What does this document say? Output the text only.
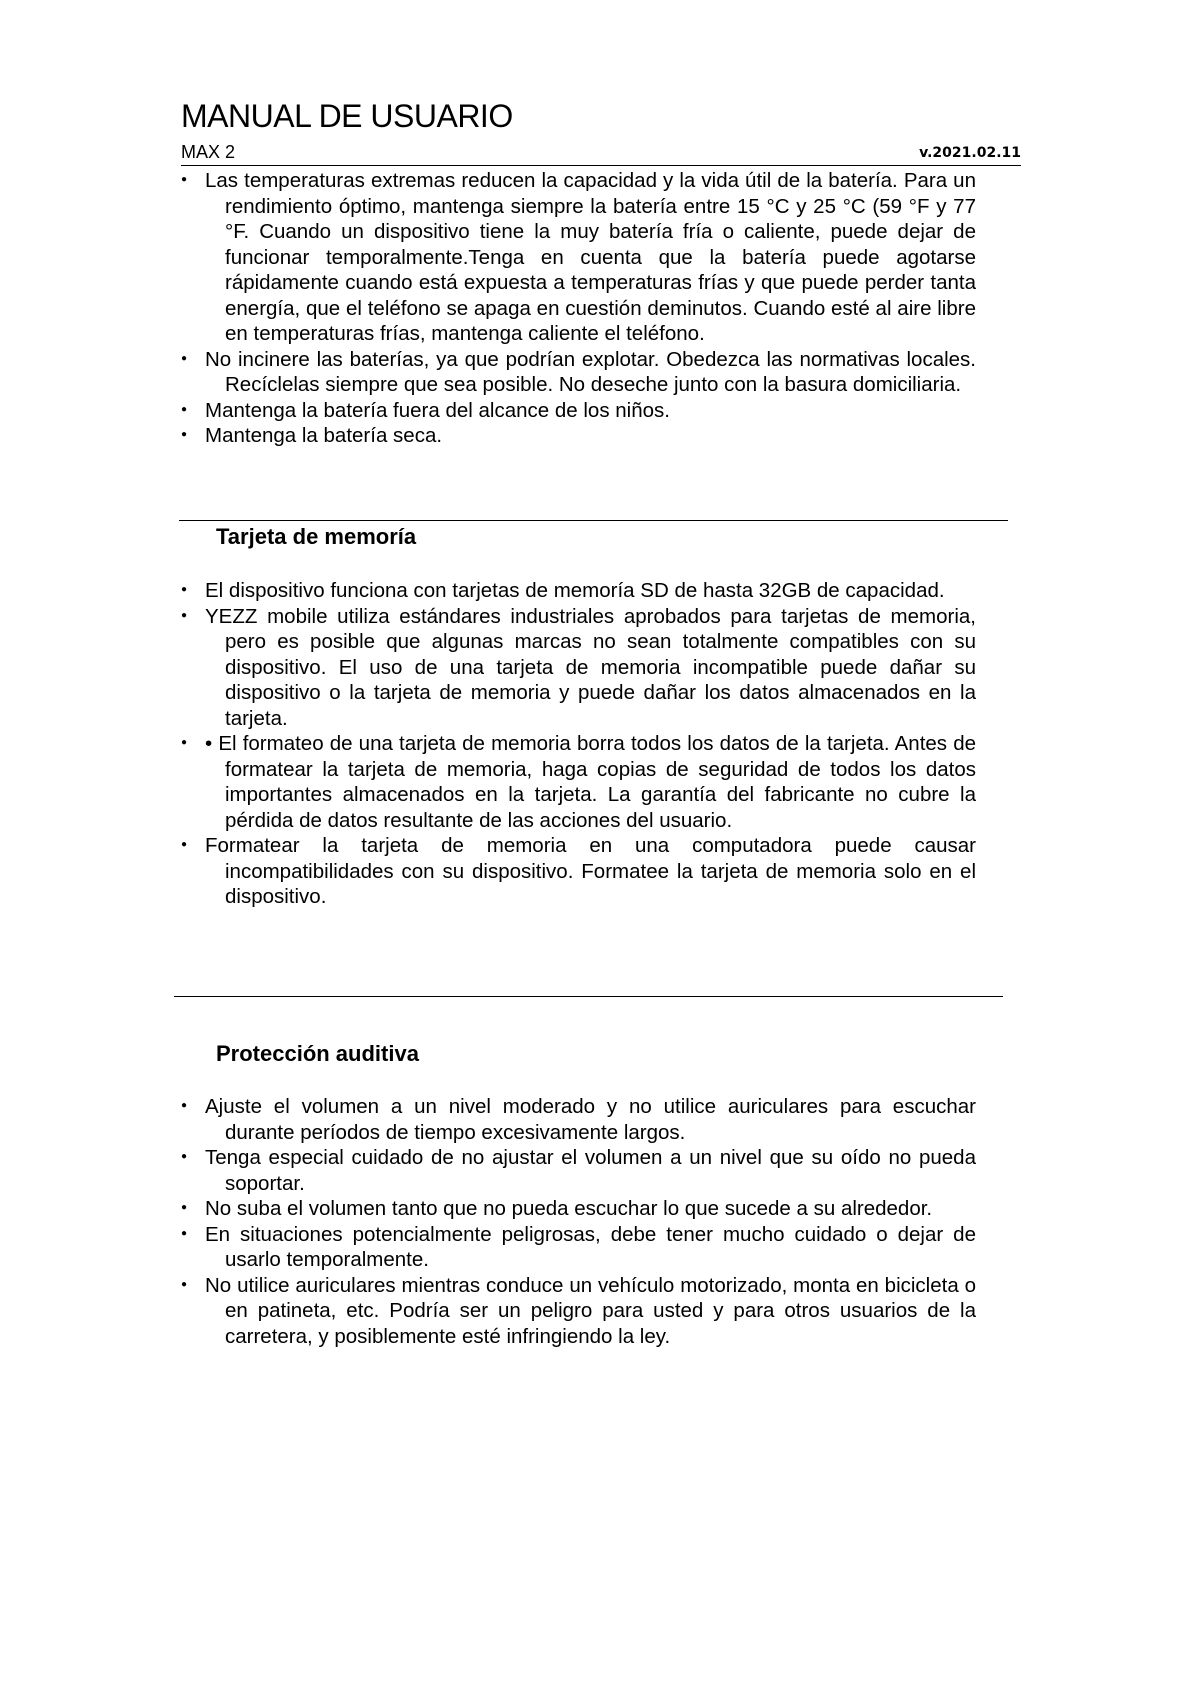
MANUAL DE USUARIO
MAX 2	v.2021.02.11
●
Las temperaturas extremas reducen la capacidad y la vida útil de la batería. Para un rendimiento óptimo, mantenga siempre la batería entre 15 °C y 25 °C (59 °F y 77 °F. Cuando un dispositivo tiene la muy batería fría o caliente, puede dejar de funcionar temporalmente.Tenga en cuenta que la batería puede agotarse rápidamente cuando está expuesta a temperaturas frías y que puede perder tanta energía, que el teléfono se apaga en cuestión deminutos. Cuando esté al aire libre en temperaturas frías, mantenga caliente el teléfono.
●
No incinere las baterías, ya que podrían explotar. Obedezca las normativas locales. Recíclelas siempre que sea posible. No deseche junto con la basura domiciliaria.
●
Mantenga la batería fuera del alcance de los niños.
●
Mantenga la batería seca.
Tarjeta de memoría
●
El dispositivo funciona con tarjetas de memoría SD de hasta 32GB de capacidad.
●
YEZZ mobile utiliza estándares industriales aprobados para tarjetas de memoria, pero es posible que algunas marcas no sean totalmente compatibles con su dispositivo. El uso de una tarjeta de memoria incompatible puede dañar su dispositivo o la tarjeta de memoria y puede dañar los datos almacenados en la tarjeta.
●
• El formateo de una tarjeta de memoria borra todos los datos de la tarjeta. Antes de formatear la tarjeta de memoria, haga copias de seguridad de todos los datos importantes almacenados en la tarjeta. La garantía del fabricante no cubre la pérdida de datos resultante de las acciones del usuario.
●
Formatear la tarjeta de memoria en una computadora puede causar incompatibilidades con su dispositivo. Formatee la tarjeta de memoria solo en el dispositivo.
Protección auditiva
●
Ajuste el volumen a un nivel moderado y no utilice auriculares para escuchar durante períodos de tiempo excesivamente largos.
●
Tenga especial cuidado de no ajustar el volumen a un nivel que su oído no pueda soportar.
●
No suba el volumen tanto que no pueda escuchar lo que sucede a su alrededor.
●
En situaciones potencialmente peligrosas, debe tener mucho cuidado o dejar de usarlo temporalmente.
●
No utilice auriculares mientras conduce un vehículo motorizado, monta en bicicleta o en patineta, etc. Podría ser un peligro para usted y para otros usuarios de la carretera, y posiblemente esté infringiendo la ley.
